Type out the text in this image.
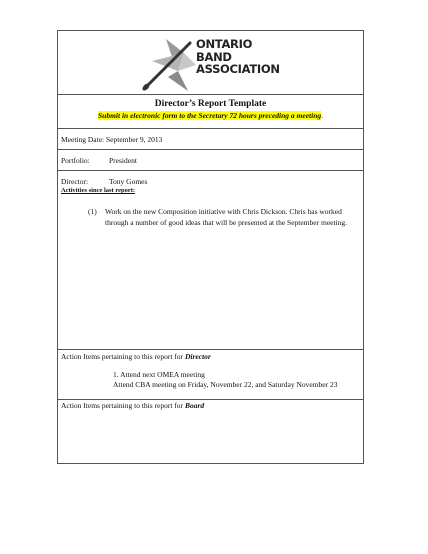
ONTARIO
BAND
ASSOCIATION
Director’s Report Template
Submit in electronic form to the Secretary 72 hours preceding a meeting.
Meeting Date: September 9, 2013
Portfolio:	President
Director:	Tony Gomes
Activities since last report:
(1) Work on the new Composition initiative with Chris Dickson. Chris has worked through a number of good ideas that will be presented at the September meeting.
Action Items pertaining to this report for Director
1. Attend next OMEA meeting
Attend CBA meeting on Friday, November 22, and Saturday November 23
Action Items pertaining to this report for Board
